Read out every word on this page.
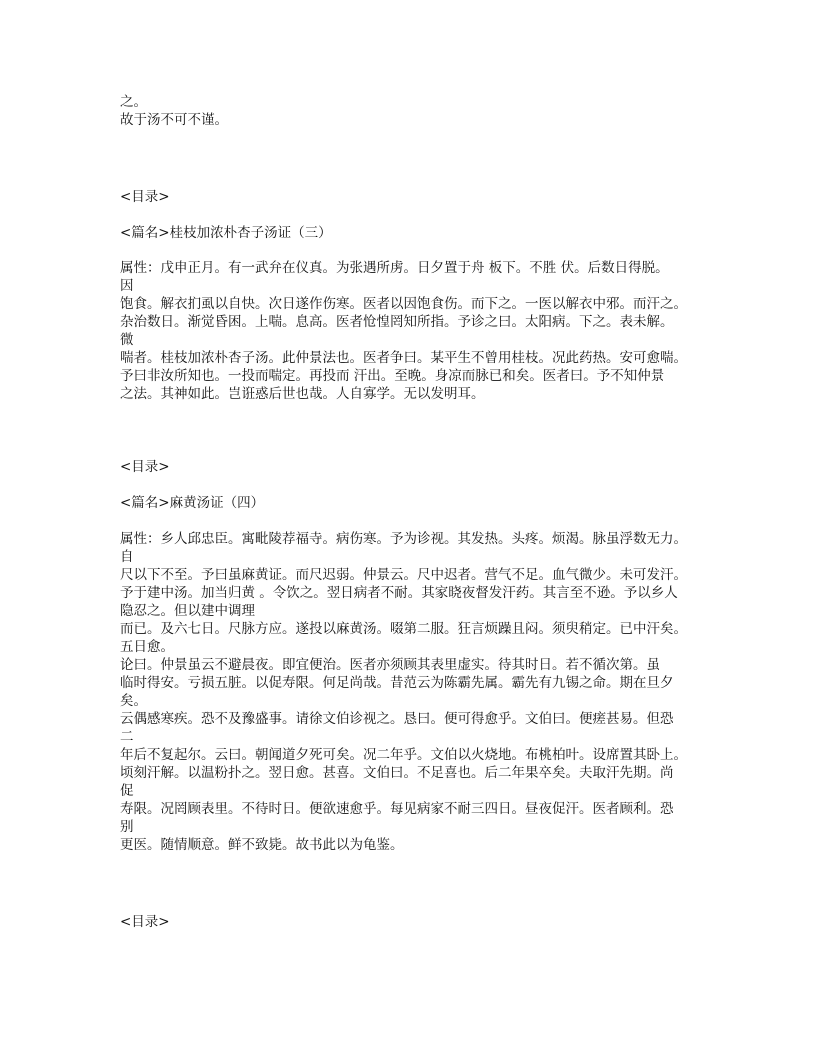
之。
故于汤不可不谨。
<目录>
<篇名>桂枝加浓朴杏子汤证（三）
属性：戊申正月。有一武弁在仪真。为张遇所虏。日夕置于舟 板下。不胜 伏。后数日得脱。
因
饱食。解衣扪虱以自快。次日遂作伤寒。医者以因饱食伤。而下之。一医以解衣中邪。而汗之。
杂治数日。渐觉昏困。上喘。息高。医者怆惶罔知所指。予诊之曰。太阳病。下之。表未解。
微
喘者。桂枝加浓朴杏子汤。此仲景法也。医者争曰。某平生不曾用桂枝。况此药热。安可愈喘。
予曰非汝所知也。一投而喘定。再投而 汗出。至晚。身凉而脉已和矣。医者曰。予不知仲景
之法。其神如此。岂诳惑后世也哉。人自寡学。无以发明耳。
<目录>
<篇名>麻黄汤证（四）
属性：乡人邱忠臣。寓毗陵荐福寺。病伤寒。予为诊视。其发热。头疼。烦渴。脉虽浮数无力。
自
尺以下不至。予曰虽麻黄证。而尺迟弱。仲景云。尺中迟者。营气不足。血气微少。未可发汗。
予于建中汤。加当归黄 。令饮之。翌日病者不耐。其家晓夜督发汗药。其言至不逊。予以乡人
隐忍之。但以建中调理
而已。及六七日。尺脉方应。遂投以麻黄汤。啜第二服。狂言烦躁且闷。须臾稍定。已中汗矣。
五日愈。
论曰。仲景虽云不避晨夜。即宜便治。医者亦须顾其表里虚实。待其时日。若不循次第。虽
临时得安。亏损五脏。以促寿限。何足尚哉。昔范云为陈霸先属。霸先有九锡之命。期在旦夕
矣。
云偶感寒疾。恐不及豫盛事。请徐文伯诊视之。恳曰。便可得愈乎。文伯曰。便瘥甚易。但恐
二
年后不复起尔。云曰。朝闻道夕死可矣。况二年乎。文伯以火烧地。布桃柏叶。设席置其卧上。
顷刻汗解。以温粉扑之。翌日愈。甚喜。文伯曰。不足喜也。后二年果卒矣。夫取汗先期。尚
促
寿限。况罔顾表里。不待时日。便欲速愈乎。每见病家不耐三四日。昼夜促汗。医者顾利。恐
别
更医。随情顺意。鲜不致毙。故书此以为龟鉴。
<目录>
